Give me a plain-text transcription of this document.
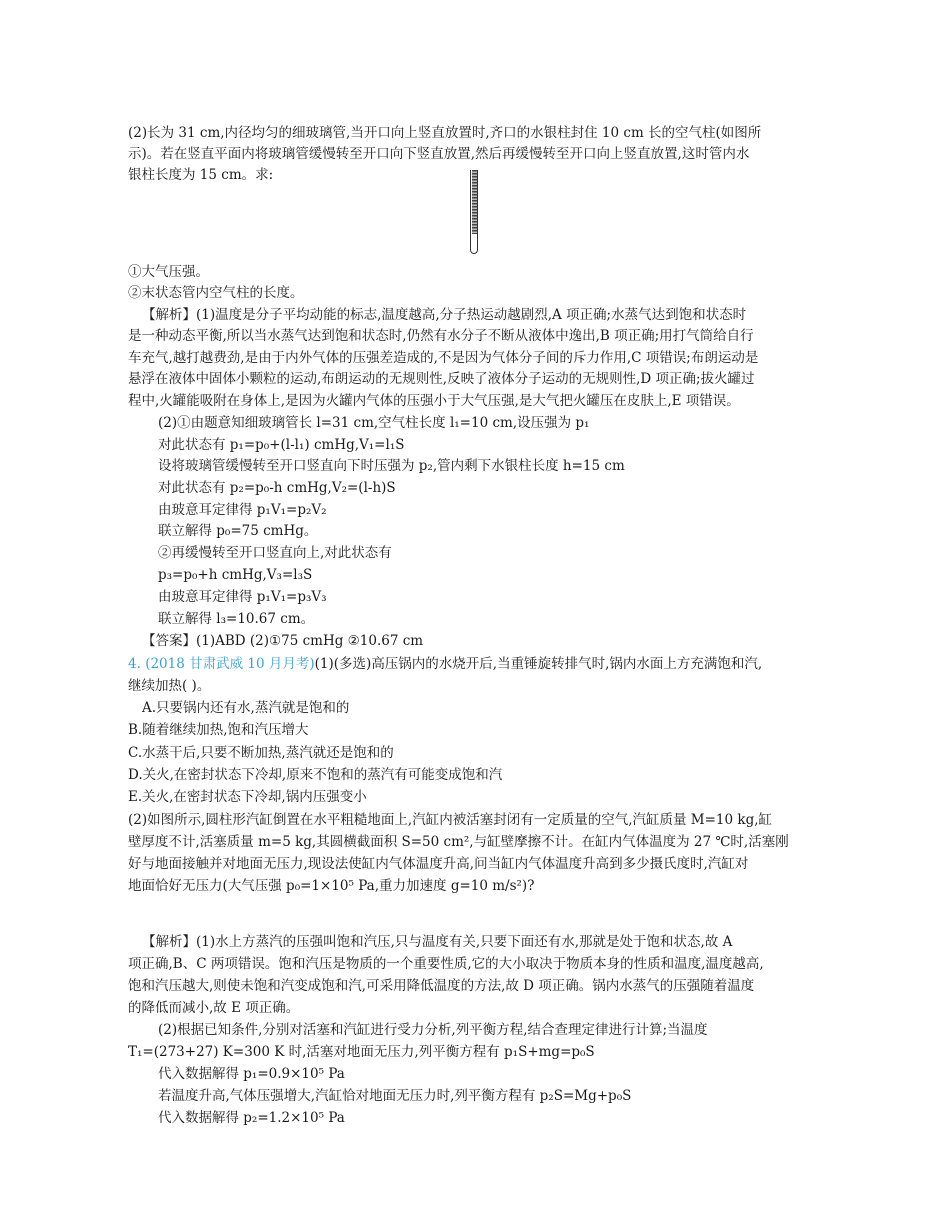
(2)长为 31 cm,内径均匀的细玻璃管,当开口向上竖直放置时,齐口的水银柱封住 10 cm 长的空气柱(如图所
示)。若在竖直平面内将玻璃管缓慢转至开口向下竖直放置,然后再缓慢转至开口向上竖直放置,这时管内水
银柱长度为 15 cm。求:
①大气压强。
②末状态管内空气柱的长度。
【解析】(1)温度是分子平均动能的标志,温度越高,分子热运动越剧烈,A 项正确;水蒸气达到饱和状态时
是一种动态平衡,所以当水蒸气达到饱和状态时,仍然有水分子不断从液体中逸出,B 项正确;用打气筒给自行
车充气,越打越费劲,是由于内外气体的压强差造成的,不是因为气体分子间的斥力作用,C 项错误;布朗运动是
悬浮在液体中固体小颗粒的运动,布朗运动的无规则性,反映了液体分子运动的无规则性,D 项正确;拔火罐过
程中,火罐能吸附在身体上,是因为火罐内气体的压强小于大气压强,是大气把火罐压在皮肤上,E 项错误。
(2)①由题意知细玻璃管长 l=31 cm,空气柱长度 l₁=10 cm,设压强为 p₁
对此状态有 p₁=p₀+(l-l₁) cmHg,V₁=l₁S
设将玻璃管缓慢转至开口竖直向下时压强为 p₂,管内剩下水银柱长度 h=15 cm
对此状态有 p₂=p₀-h cmHg,V₂=(l-h)S
由玻意耳定律得 p₁V₁=p₂V₂
联立解得 p₀=75 cmHg。
②再缓慢转至开口竖直向上,对此状态有
p₃=p₀+h cmHg,V₃=l₃S
由玻意耳定律得 p₁V₁=p₃V₃
联立解得 l₃=10.67 cm。
【答案】(1)ABD (2)①75 cmHg ②10.67 cm
4. (2018 甘肃武威 10 月月考)(1)(多选)高压锅内的水烧开后,当重锤旋转排气时,锅内水面上方充满饱和汽,
继续加热( )。
A.只要锅内还有水,蒸汽就是饱和的
B.随着继续加热,饱和汽压增大
C.水蒸干后,只要不断加热,蒸汽就还是饱和的
D.关火,在密封状态下冷却,原来不饱和的蒸汽有可能变成饱和汽
E.关火,在密封状态下冷却,锅内压强变小
(2)如图所示,圆柱形汽缸倒置在水平粗糙地面上,汽缸内被活塞封闭有一定质量的空气,汽缸质量 M=10 kg,缸
壁厚度不计,活塞质量 m=5 kg,其圆横截面积 S=50 cm²,与缸壁摩擦不计。在缸内气体温度为 27 ℃时,活塞刚
好与地面接触并对地面无压力,现设法使缸内气体温度升高,问当缸内气体温度升高到多少摄氏度时,汽缸对
地面恰好无压力(大气压强 p₀=1×10⁵ Pa,重力加速度 g=10 m/s²)?
【解析】(1)水上方蒸汽的压强叫饱和汽压,只与温度有关,只要下面还有水,那就是处于饱和状态,故 A
项正确,B、C 两项错误。饱和汽压是物质的一个重要性质,它的大小取决于物质本身的性质和温度,温度越高,
饱和汽压越大,则使未饱和汽变成饱和汽,可采用降低温度的方法,故 D 项正确。锅内水蒸气的压强随着温度
的降低而减小,故 E 项正确。
(2)根据已知条件,分别对活塞和汽缸进行受力分析,列平衡方程,结合查理定律进行计算;当温度
T₁=(273+27) K=300 K 时,活塞对地面无压力,列平衡方程有 p₁S+mg=p₀S
代入数据解得 p₁=0.9×10⁵ Pa
若温度升高,气体压强增大,汽缸恰对地面无压力时,列平衡方程有 p₂S=Mg+p₀S
代入数据解得 p₂=1.2×10⁵ Pa
